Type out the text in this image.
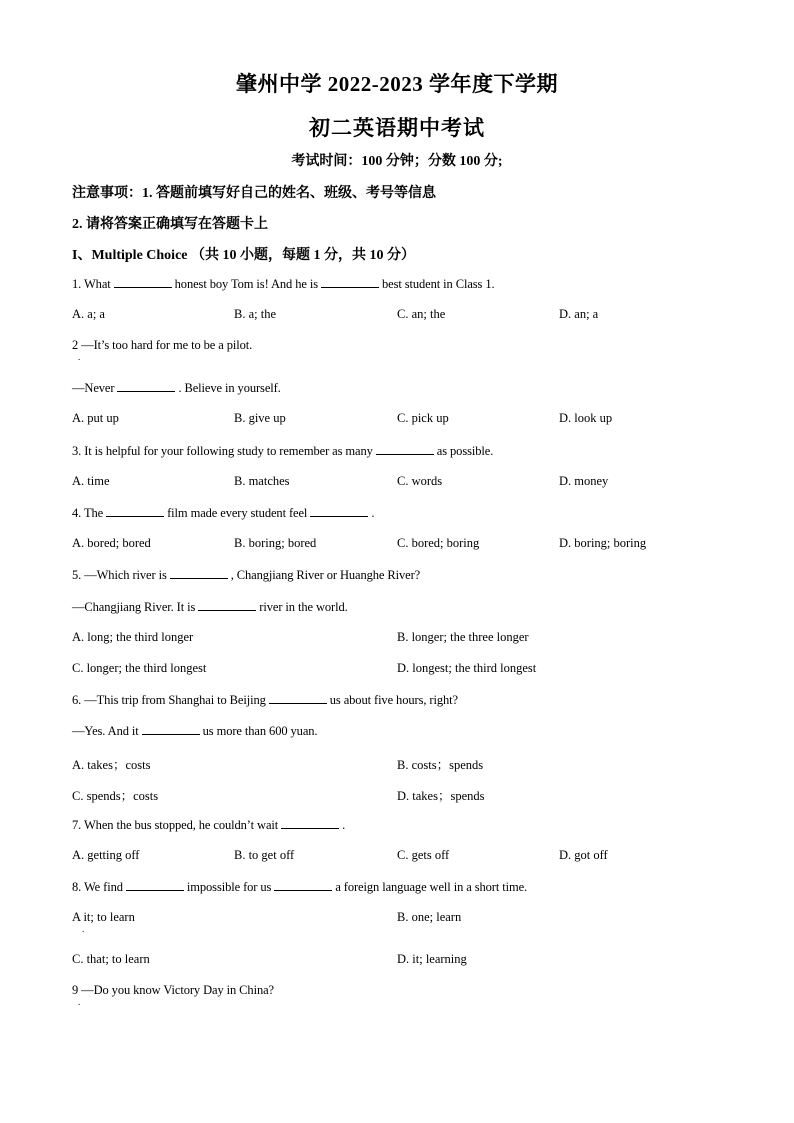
肇州中学 2022-2023 学年度下学期
初二英语期中考试
考试时间：100 分钟；分数 100 分;
注意事项：1. 答题前填写好自己的姓名、班级、考号等信息
2. 请将答案正确填写在答题卡上
I、Multiple Choice （共 10 小题，每题 1 分，共 10 分）
1. What	honest boy Tom is! And he is	best student in Class 1.
A. a; a	B. a; the	C. an; the	D. an; a
2 —It’s too hard for me to be a pilot.
.
—Never	. Believe in yourself.
A. put up	B. give up	C. pick up	D. look up
3. It is helpful for your following study to remember as many	as possible.
A. time	B. matches	C. words	D. money
4. The	film made every student feel	.
A. bored; bored	B. boring; bored	C. bored; boring	D. boring; boring
5. —Which river is	, Changjiang River or Huanghe River?
—Changjiang River. It is	river in the world.
A. long; the third longer	B. longer; the three longer
C. longer; the third longest	D. longest; the third longest
6. —This trip from Shanghai to Beijing	us about five hours, right?
—Yes. And it	us more than 600 yuan.
A. takes；costs	B. costs；spends
C. spends；costs	D. takes；spends
7. When the bus stopped, he couldn’t wait	.
A. getting off	B. to get off	C. gets off	D. got off
8. We find	impossible for us	a foreign language well in a short time.
A it; to learn
.
B. one; learn
C. that; to learn	D. it; learning
9 —Do you know Victory Day in China?
.
